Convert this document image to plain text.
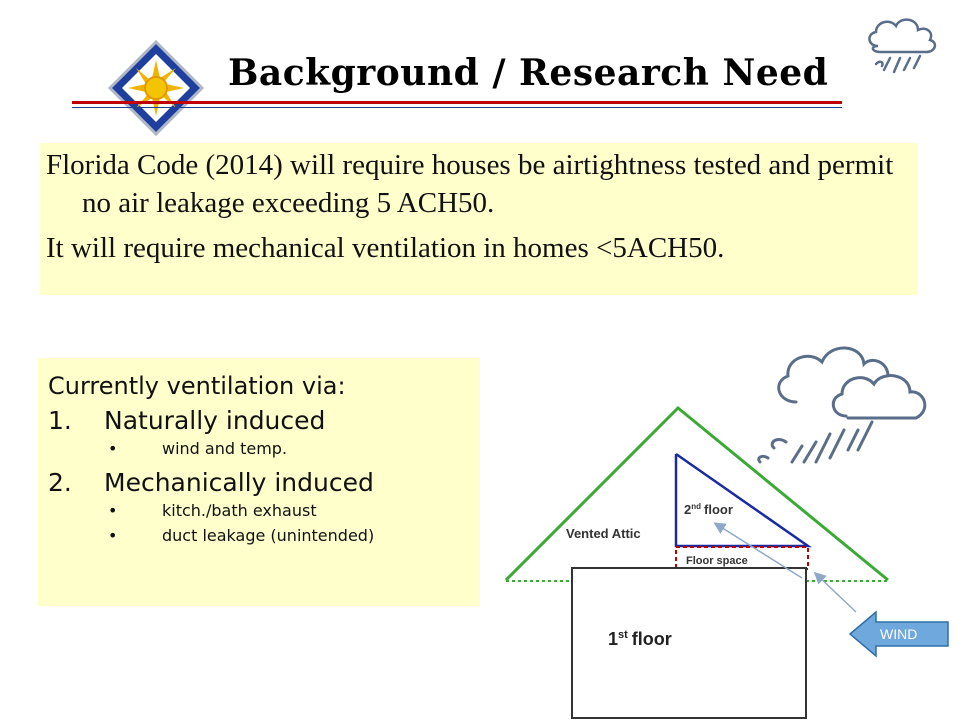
Background / Research Need

Florida Code (2014) will require houses be airtightness tested and permit no air leakage exceeding 5 ACH50.

It will require mechanical ventilation in homes <5ACH50.

Currently ventilation via:
1.	Naturally induced
•	wind and temp.
2.	Mechanically induced
•	kitch./bath exhaust
•	duct leakage (unintended)	Vented Attic
2nd floor
Floor space
1st floor	WIND
